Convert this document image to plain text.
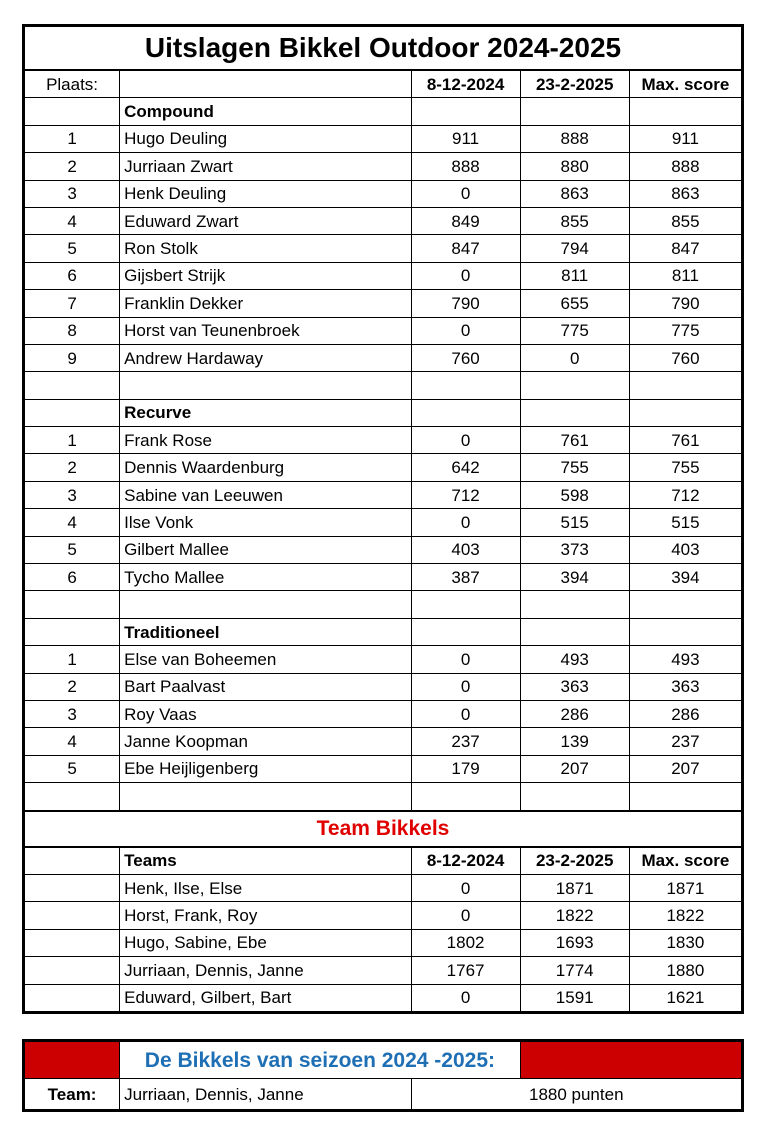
Uitslagen Bikkel Outdoor 2024-2025				
Plaats:		8-12-2024	23-2-2025	Max. score
	Compound			
1	Hugo Deuling	911	888	911
2	Jurriaan Zwart	888	880	888
3	Henk Deuling	0	863	863
4	Eduward Zwart	849	855	855
5	Ron Stolk	847	794	847
6	Gijsbert Strijk	0	811	811
7	Franklin Dekker	790	655	790
8	Horst van Teunenbroek	0	775	775
9	Andrew Hardaway	760	0	760

	Recurve			
1	Frank Rose	0	761	761
2	Dennis Waardenburg	642	755	755
3	Sabine van Leeuwen	712	598	712
4	Ilse Vonk	0	515	515
5	Gilbert Mallee	403	373	403
6	Tycho Mallee	387	394	394

	Traditioneel			
1	Else van Boheemen	0	493	493
2	Bart Paalvast	0	363	363
3	Roy Vaas	0	286	286
4	Janne Koopman	237	139	237
5	Ebe Heijligenberg	179	207	207

Team Bikkels				
	Teams	8-12-2024	23-2-2025	Max. score
	Henk, Ilse, Else	0	1871	1871
	Horst, Frank, Roy	0	1822	1822
	Hugo, Sabine, Ebe	1802	1693	1830
	Jurriaan, Dennis, Janne	1767	1774	1880
	Eduward, Gilbert, Bart	0	1591	1621
	De Bikkels van seizoen 2024 -2025:		
Team:	Jurriaan, Dennis, Janne	1880 punten	
